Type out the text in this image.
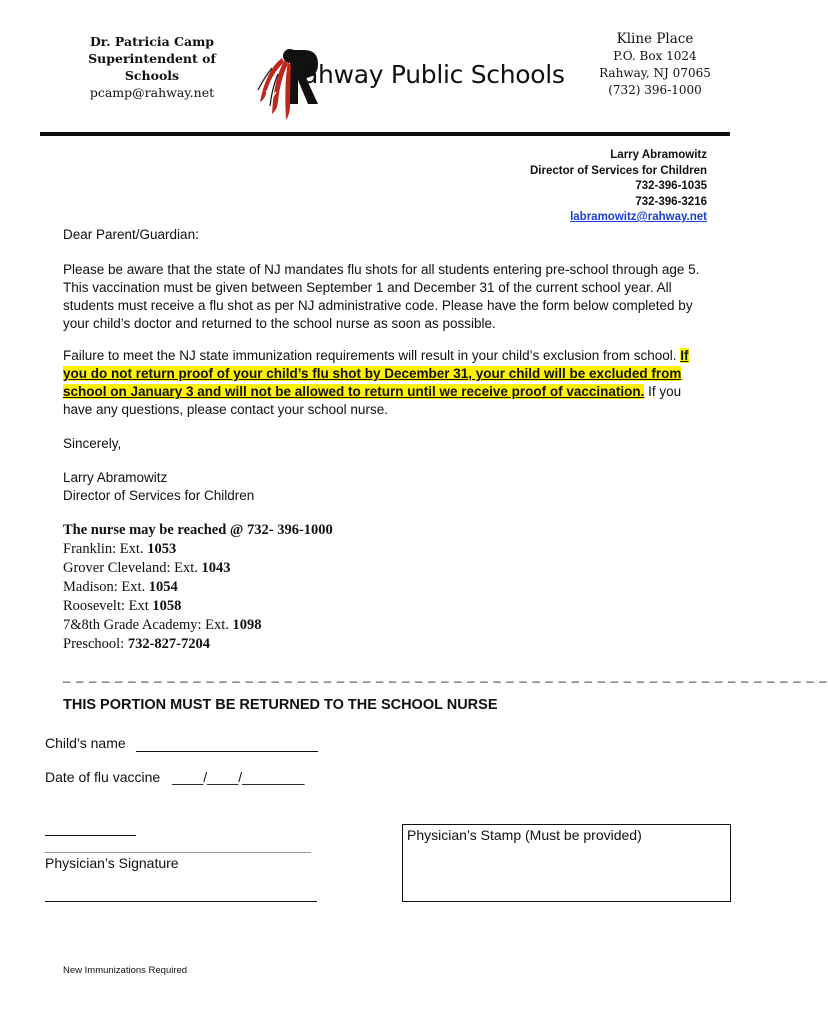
Dr. Patricia Camp
Superintendent of Schools
pcamp@rahway.net
ahway Public Schools
Kline Place
P.O. Box 1024
Rahway, NJ 07065
(732) 396-1000
Larry Abramowitz
Director of Services for Children
732-396-1035
732-396-3216
labramowitz@rahway.net
Dear Parent/Guardian:
Please be aware that the state of NJ mandates flu shots for all students entering pre-school through age 5. This vaccination must be given between September 1 and December 31 of the current school year. All students must receive a flu shot as per NJ administrative code. Please have the form below completed by your child’s doctor and returned to the school nurse as soon as possible.
Failure to meet the NJ state immunization requirements will result in your child’s exclusion from school. If you do not return proof of your child’s flu shot by December 31, your child will be excluded from school on January 3 and will not be allowed to return until we receive proof of vaccination. If you have any questions, please contact your school nurse.
Sincerely,
Larry Abramowitz
Director of Services for Children
The nurse may be reached @ 732- 396-1000
Franklin: Ext. 1053
Grover Cleveland: Ext. 1043
Madison: Ext. 1054
Roosevelt: Ext 1058
7&8th Grade Academy: Ext. 1098
Preschool: 732-827-7204
_ _ _ _ _ _ _ _ _ _ _ _ _ _ _ _ _ _ _ _ _ _ _ _ _ _ _ _ _ _ _ _ _ _ _ _ _ _ _ _ _ _ _ _ _ _ _ _ _ _ _ _ _ _ _ _ _ _ _
THIS PORTION MUST BE RETURNED TO THE SCHOOL NURSE
Child’s name
Date of flu vaccine ____/____/________
Physician’s Signature
Physician’s Stamp (Must be provided)
New Immunizations Required
